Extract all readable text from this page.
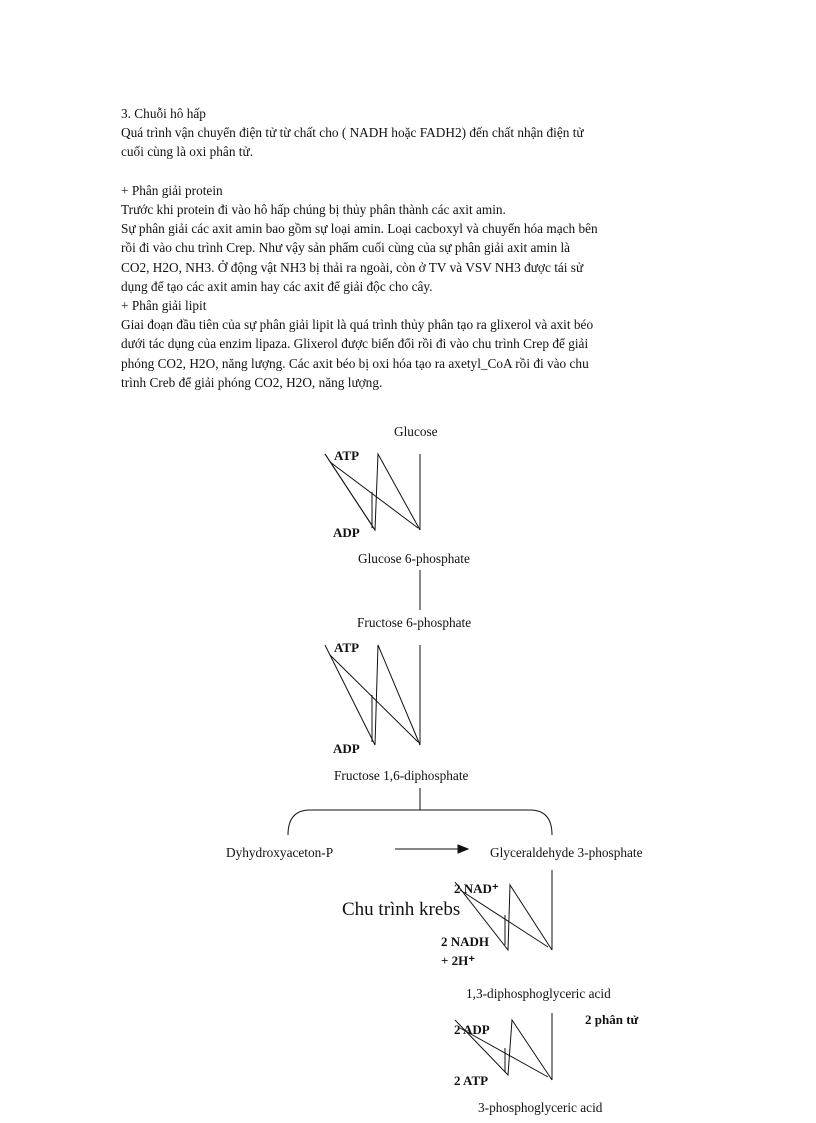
3. Chuỗi hô hấp

Quá trình vận chuyển điện tử từ chất cho ( NADH hoặc FADH2) đến chất nhận điện tử

cuối cùng là oxi phân tử.

+ Phân giải protein

Trước khi protein đi vào hô hấp chúng bị thủy phân thành các axit amin.

Sự phân giải các axit amin bao gồm sự loại amin. Loại cacboxyl và chuyển hóa mạch bên

rồi đi vào chu trình Crep. Như vậy sản phẩm cuối cùng của sự phân giải axit amin là

CO2, H2O, NH3. Ở động vật NH3 bị thải ra ngoài, còn ở TV và VSV NH3 được tái sử

dụng để tạo các axit amin hay các axit để giải độc cho cây.

+ Phân giải lipit

Giai đoạn đầu tiên của sự phân giải lipit là quá trình thủy phân tạo ra glixerol và axit béo

dưới tác dụng của enzim lipaza. Glixerol được biến đổi rồi đi vào chu trình Crep để giải

phóng CO2, H2O, năng lượng. Các axit béo bị oxi hóa tạo ra axetyl_CoA rồi đi vào chu

trình Creb để giải phóng CO2, H2O, năng lượng.

Glucose
ATP
ADP
Glucose 6-phosphate
Fructose 6-phosphate
ATP
ADP
Fructose 1,6-diphosphate
Dyhydroxyaceton-P	Glyceraldehyde 3-phosphate
2 NAD⁺
Chu trình krebs
2 NADH
+ 2H⁺
1,3-diphosphoglyceric acid
2 phân tử
2 ADP
2 ATP
3-phosphoglyceric acid
